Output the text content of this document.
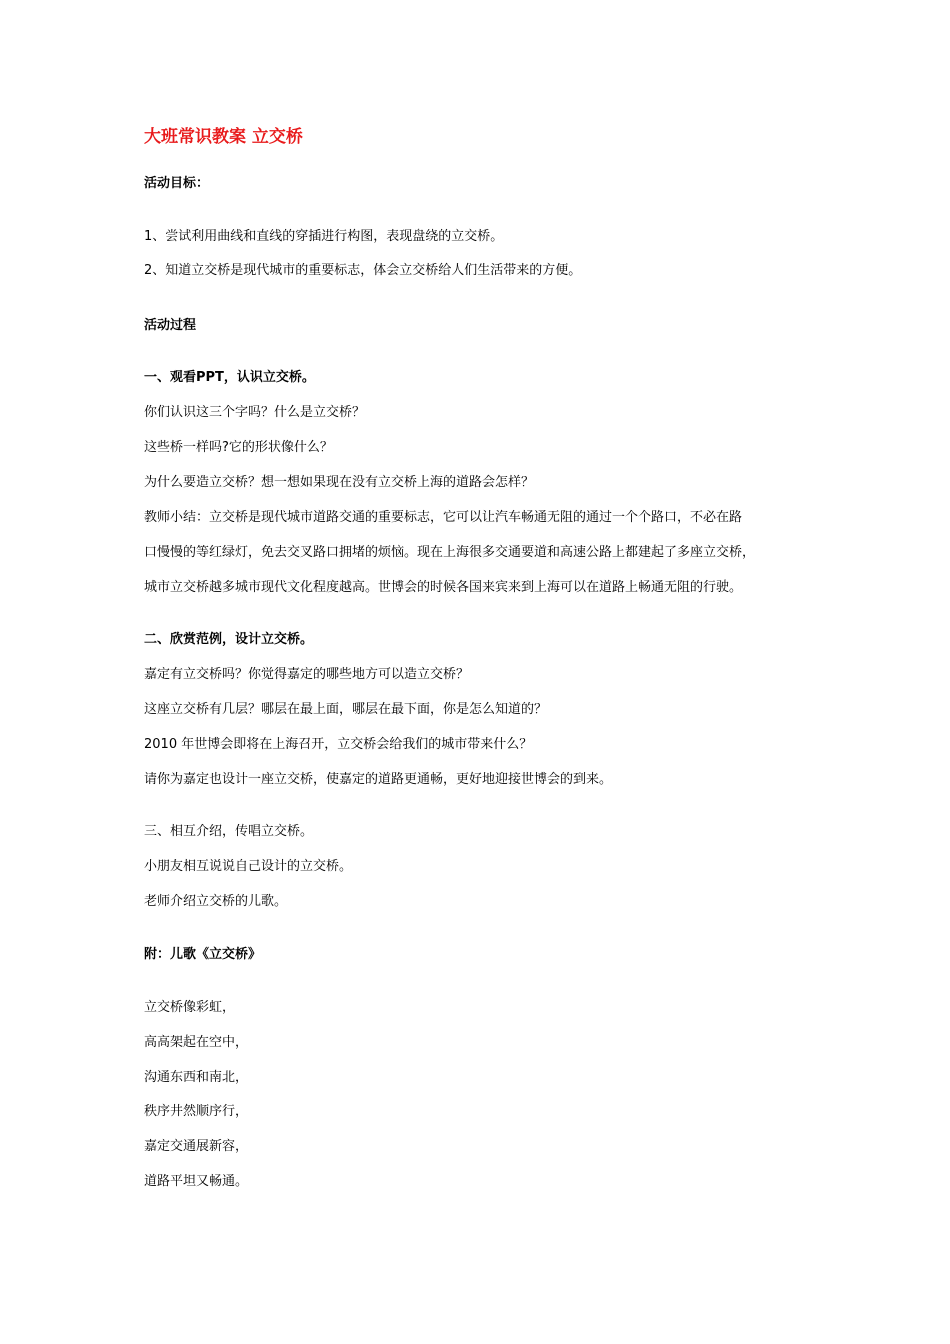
大班常识教案 立交桥
活动目标：
1、尝试利用曲线和直线的穿插进行构图，表现盘绕的立交桥。
2、知道立交桥是现代城市的重要标志，体会立交桥给人们生活带来的方便。
活动过程
一、观看PPT，认识立交桥。
你们认识这三个字吗？什么是立交桥？
这些桥一样吗?它的形状像什么？
为什么要造立交桥？想一想如果现在没有立交桥上海的道路会怎样？
教师小结：立交桥是现代城市道路交通的重要标志，它可以让汽车畅通无阻的通过一个个路口，不必在路
口慢慢的等红绿灯，免去交叉路口拥堵的烦恼。现在上海很多交通要道和高速公路上都建起了多座立交桥，
城市立交桥越多城市现代文化程度越高。世博会的时候各国来宾来到上海可以在道路上畅通无阻的行驶。
二、欣赏范例，设计立交桥。
嘉定有立交桥吗？你觉得嘉定的哪些地方可以造立交桥？
这座立交桥有几层？哪层在最上面，哪层在最下面，你是怎么知道的？
2010 年世博会即将在上海召开，立交桥会给我们的城市带来什么？
请你为嘉定也设计一座立交桥，使嘉定的道路更通畅，更好地迎接世博会的到来。
三、相互介绍，传唱立交桥。
小朋友相互说说自己设计的立交桥。
老师介绍立交桥的儿歌。
附：儿歌《立交桥》
立交桥像彩虹，
高高架起在空中，
沟通东西和南北，
秩序井然顺序行，
嘉定交通展新容，
道路平坦又畅通。
